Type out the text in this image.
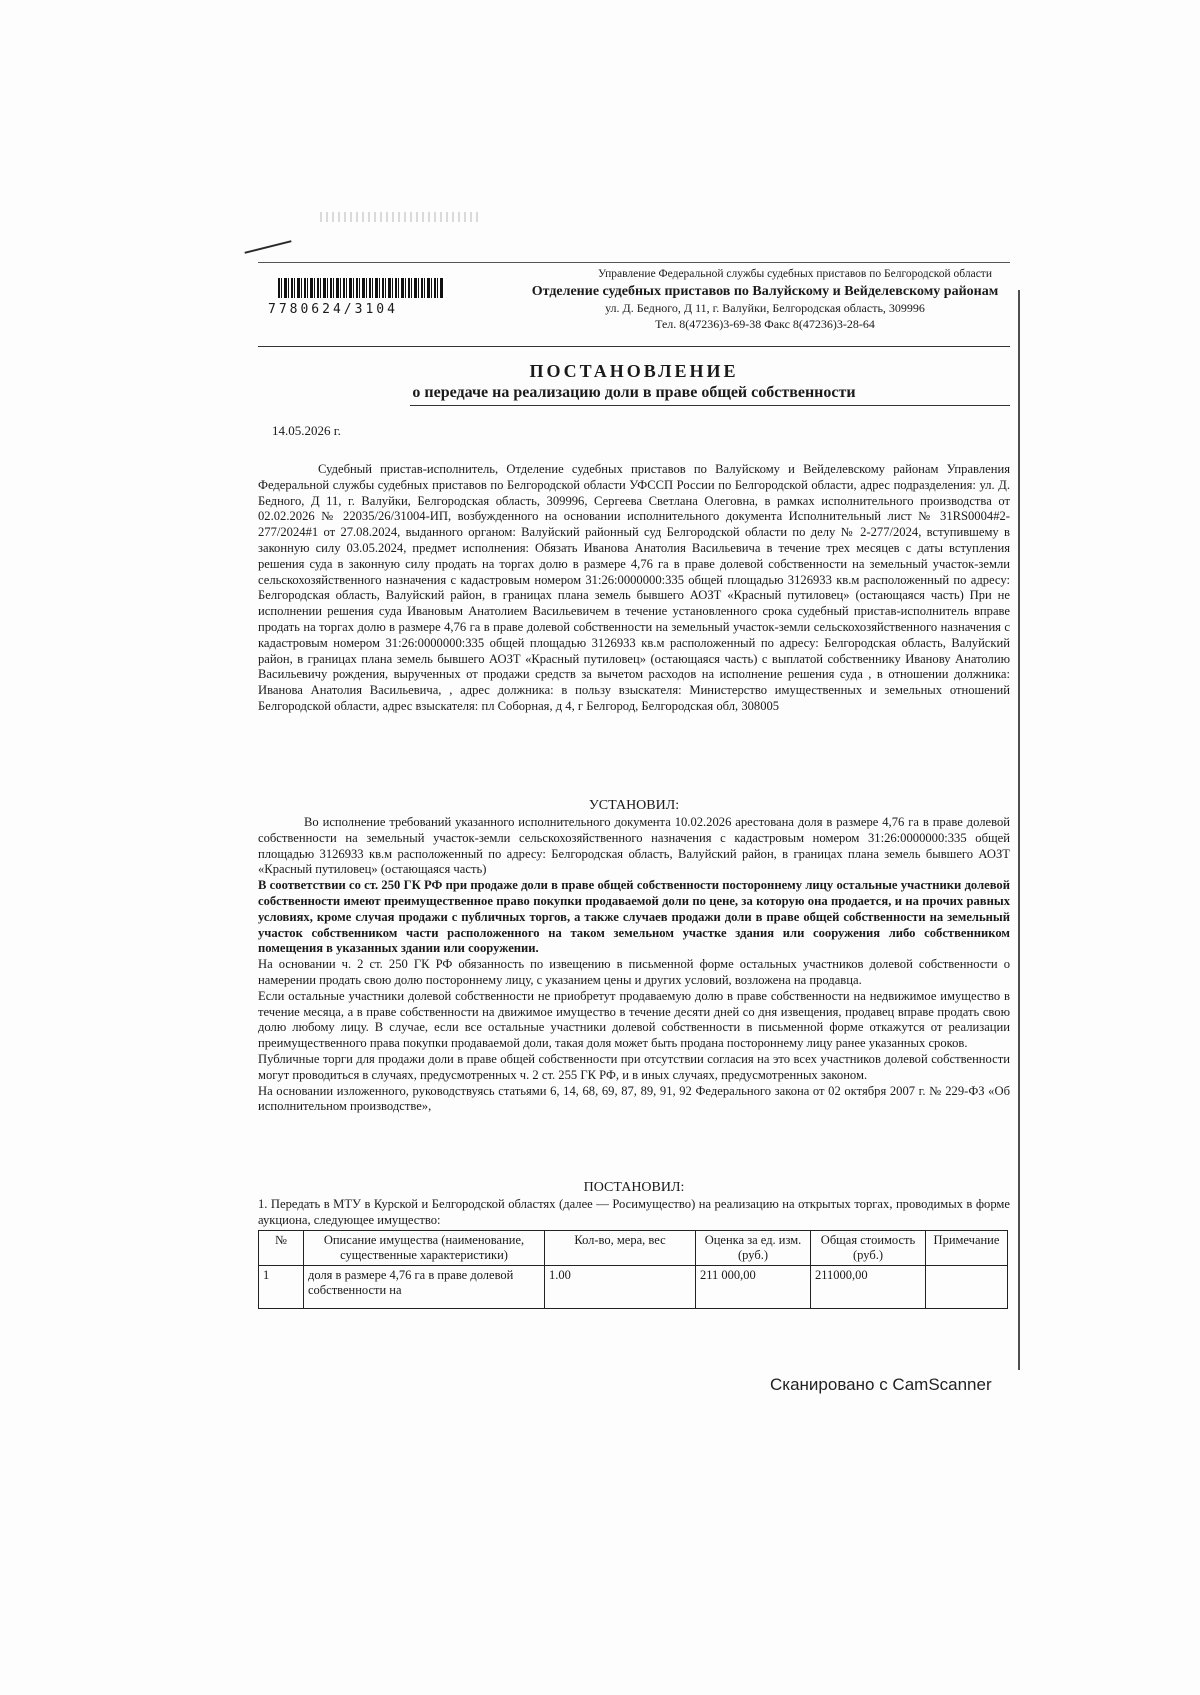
7780624/3104
Управление Федеральной службы судебных приставов по Белгородской области
Отделение судебных приставов по Валуйскому и Вейделевскому районам
ул. Д. Бедного, Д 11, г. Валуйки, Белгородская область, 309996
Тел. 8(47236)3-69-38 Факс 8(47236)3-28-64
ПОСТАНОВЛЕНИЕ
о передаче на реализацию доли в праве общей собственности
14.05.2026 г.

Судебный пристав-исполнитель, Отделение судебных приставов по Валуйскому и Вейделевскому районам Управления Федеральной службы судебных приставов по Белгородской области УФССП России по Белгородской области, адрес подразделения: ул. Д. Бедного, Д 11, г. Валуйки, Белгородская область, 309996, Сергеева Светлана Олеговна, в рамках исполнительного производства от 02.02.2026 № 22035/26/31004-ИП, возбужденного на основании исполнительного документа Исполнительный лист № 31RS0004#2-277/2024#1 от 27.08.2024, выданного органом: Валуйский районный суд Белгородской области по делу № 2-277/2024, вступившему в законную силу 03.05.2024, предмет исполнения: Обязать Иванова Анатолия Васильевича в течение трех месяцев с даты вступления решения суда в законную силу продать на торгах долю в размере 4,76 га в праве долевой собственности на земельный участок-земли сельскохозяйственного назначения с кадастровым номером 31:26:0000000:335 общей площадью 3126933 кв.м расположенный по адресу: Белгородская область, Валуйский район, в границах плана земель бывшего АОЗТ «Красный путиловец» (остающаяся часть) При не исполнении решения суда Ивановым Анатолием Васильевичем в течение установленного срока судебный пристав-исполнитель вправе продать на торгах долю в размере 4,76 га в праве долевой собственности на земельный участок-земли сельскохозяйственного назначения с кадастровым номером 31:26:0000000:335 общей площадью 3126933 кв.м расположенный по адресу: Белгородская область, Валуйский район, в границах плана земель бывшего АОЗТ «Красный путиловец» (остающаяся часть) с выплатой собственнику Иванову Анатолию Васильевичу рождения, вырученных от продажи средств за вычетом расходов на исполнение решения суда , в отношении должника: Иванова Анатолия Васильевича, , адрес должника: в пользу взыскателя: Министерство имущественных и земельных отношений Белгородской области, адрес взыскателя: пл Соборная, д 4, г Белгород, Белгородская обл, 308005

УСТАНОВИЛ:

Во исполнение требований указанного исполнительного документа 10.02.2026 арестована доля в размере 4,76 га в праве долевой собственности на земельный участок-земли сельскохозяйственного назначения с кадастровым номером 31:26:0000000:335 общей площадью 3126933 кв.м расположенный по адресу: Белгородская область, Валуйский район, в границах плана земель бывшего АОЗТ «Красный путиловец» (остающаяся часть)

В соответствии со ст. 250 ГК РФ при продаже доли в праве общей собственности постороннему лицу остальные участники долевой собственности имеют преимущественное право покупки продаваемой доли по цене, за которую она продается, и на прочих равных условиях, кроме случая продажи с публичных торгов, а также случаев продажи доли в праве общей собственности на земельный участок собственником части расположенного на таком земельном участке здания или сооружения либо собственником помещения в указанных здании или сооружении.

На основании ч. 2 ст. 250 ГК РФ обязанность по извещению в письменной форме остальных участников долевой собственности о намерении продать свою долю постороннему лицу, с указанием цены и других условий, возложена на продавца.

Если остальные участники долевой собственности не приобретут продаваемую долю в праве собственности на недвижимое имущество в течение месяца, а в праве собственности на движимое имущество в течение десяти дней со дня извещения, продавец вправе продать свою долю любому лицу. В случае, если все остальные участники долевой собственности в письменной форме откажутся от реализации преимущественного права покупки продаваемой доли, такая доля может быть продана постороннему лицу ранее указанных сроков.

Публичные торги для продажи доли в праве общей собственности при отсутствии согласия на это всех участников долевой собственности могут проводиться в случаях, предусмотренных ч. 2 ст. 255 ГК РФ, и в иных случаях, предусмотренных законом.

На основании изложенного, руководствуясь статьями 6, 14, 68, 69, 87, 89, 91, 92 Федерального закона от 02 октября 2007 г. № 229-ФЗ «Об исполнительном производстве»,

ПОСТАНОВИЛ:

1. Передать в МТУ в Курской и Белгородской областях (далее — Росимущество) на реализацию на открытых торгах, проводимых в форме аукциона, следующее имущество:

№	Описание имущества (наименование, существенные характеристики)	Кол-во, мера, вес	Оценка за ед. изм. (руб.)	Общая стоимость (руб.)	Примечание
1	доля в размере 4,76 га в праве долевой собственности на	1.00	211 000,00	211000,00	
Сканировано с CamScanner
